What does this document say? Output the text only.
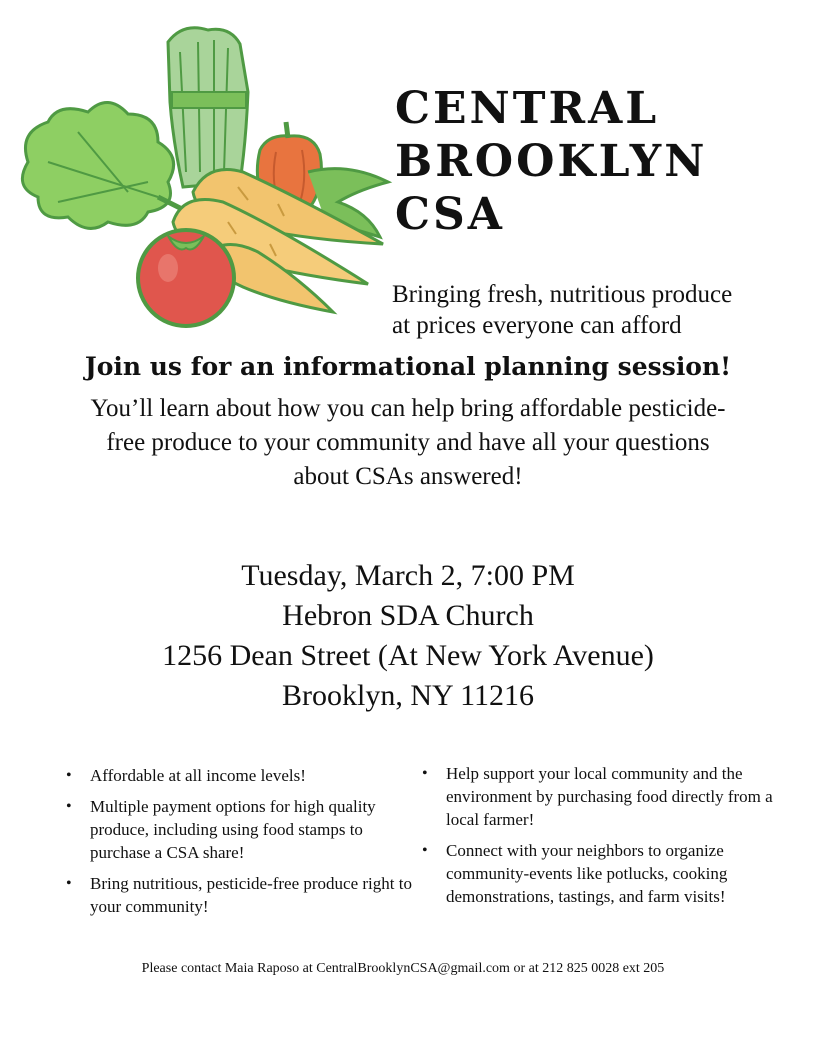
CENTRAL
BROOKLYN
CSA
Bringing fresh, nutritious produce
at prices everyone can afford
Join us for an informational planning session!
You’ll learn about how you can help bring affordable pesticide-free produce to your community and have all your questions about CSAs answered!
Tuesday, March 2, 7:00 PM
Hebron SDA Church
1256 Dean Street (At New York Avenue)
Brooklyn, NY 11216
• Affordable at all income levels!
• Multiple payment options for high quality produce, including using food stamps to purchase a CSA share!
• Bring nutritious, pesticide-free produce right to your community!
• Help support your local community and the environment by purchasing food directly from a local farmer!
• Connect with your neighbors to organize community-events like potlucks, cooking demonstrations, tastings, and farm visits!
Please contact Maia Raposo at CentralBrooklynCSA@gmail.com or at 212 825 0028 ext 205
